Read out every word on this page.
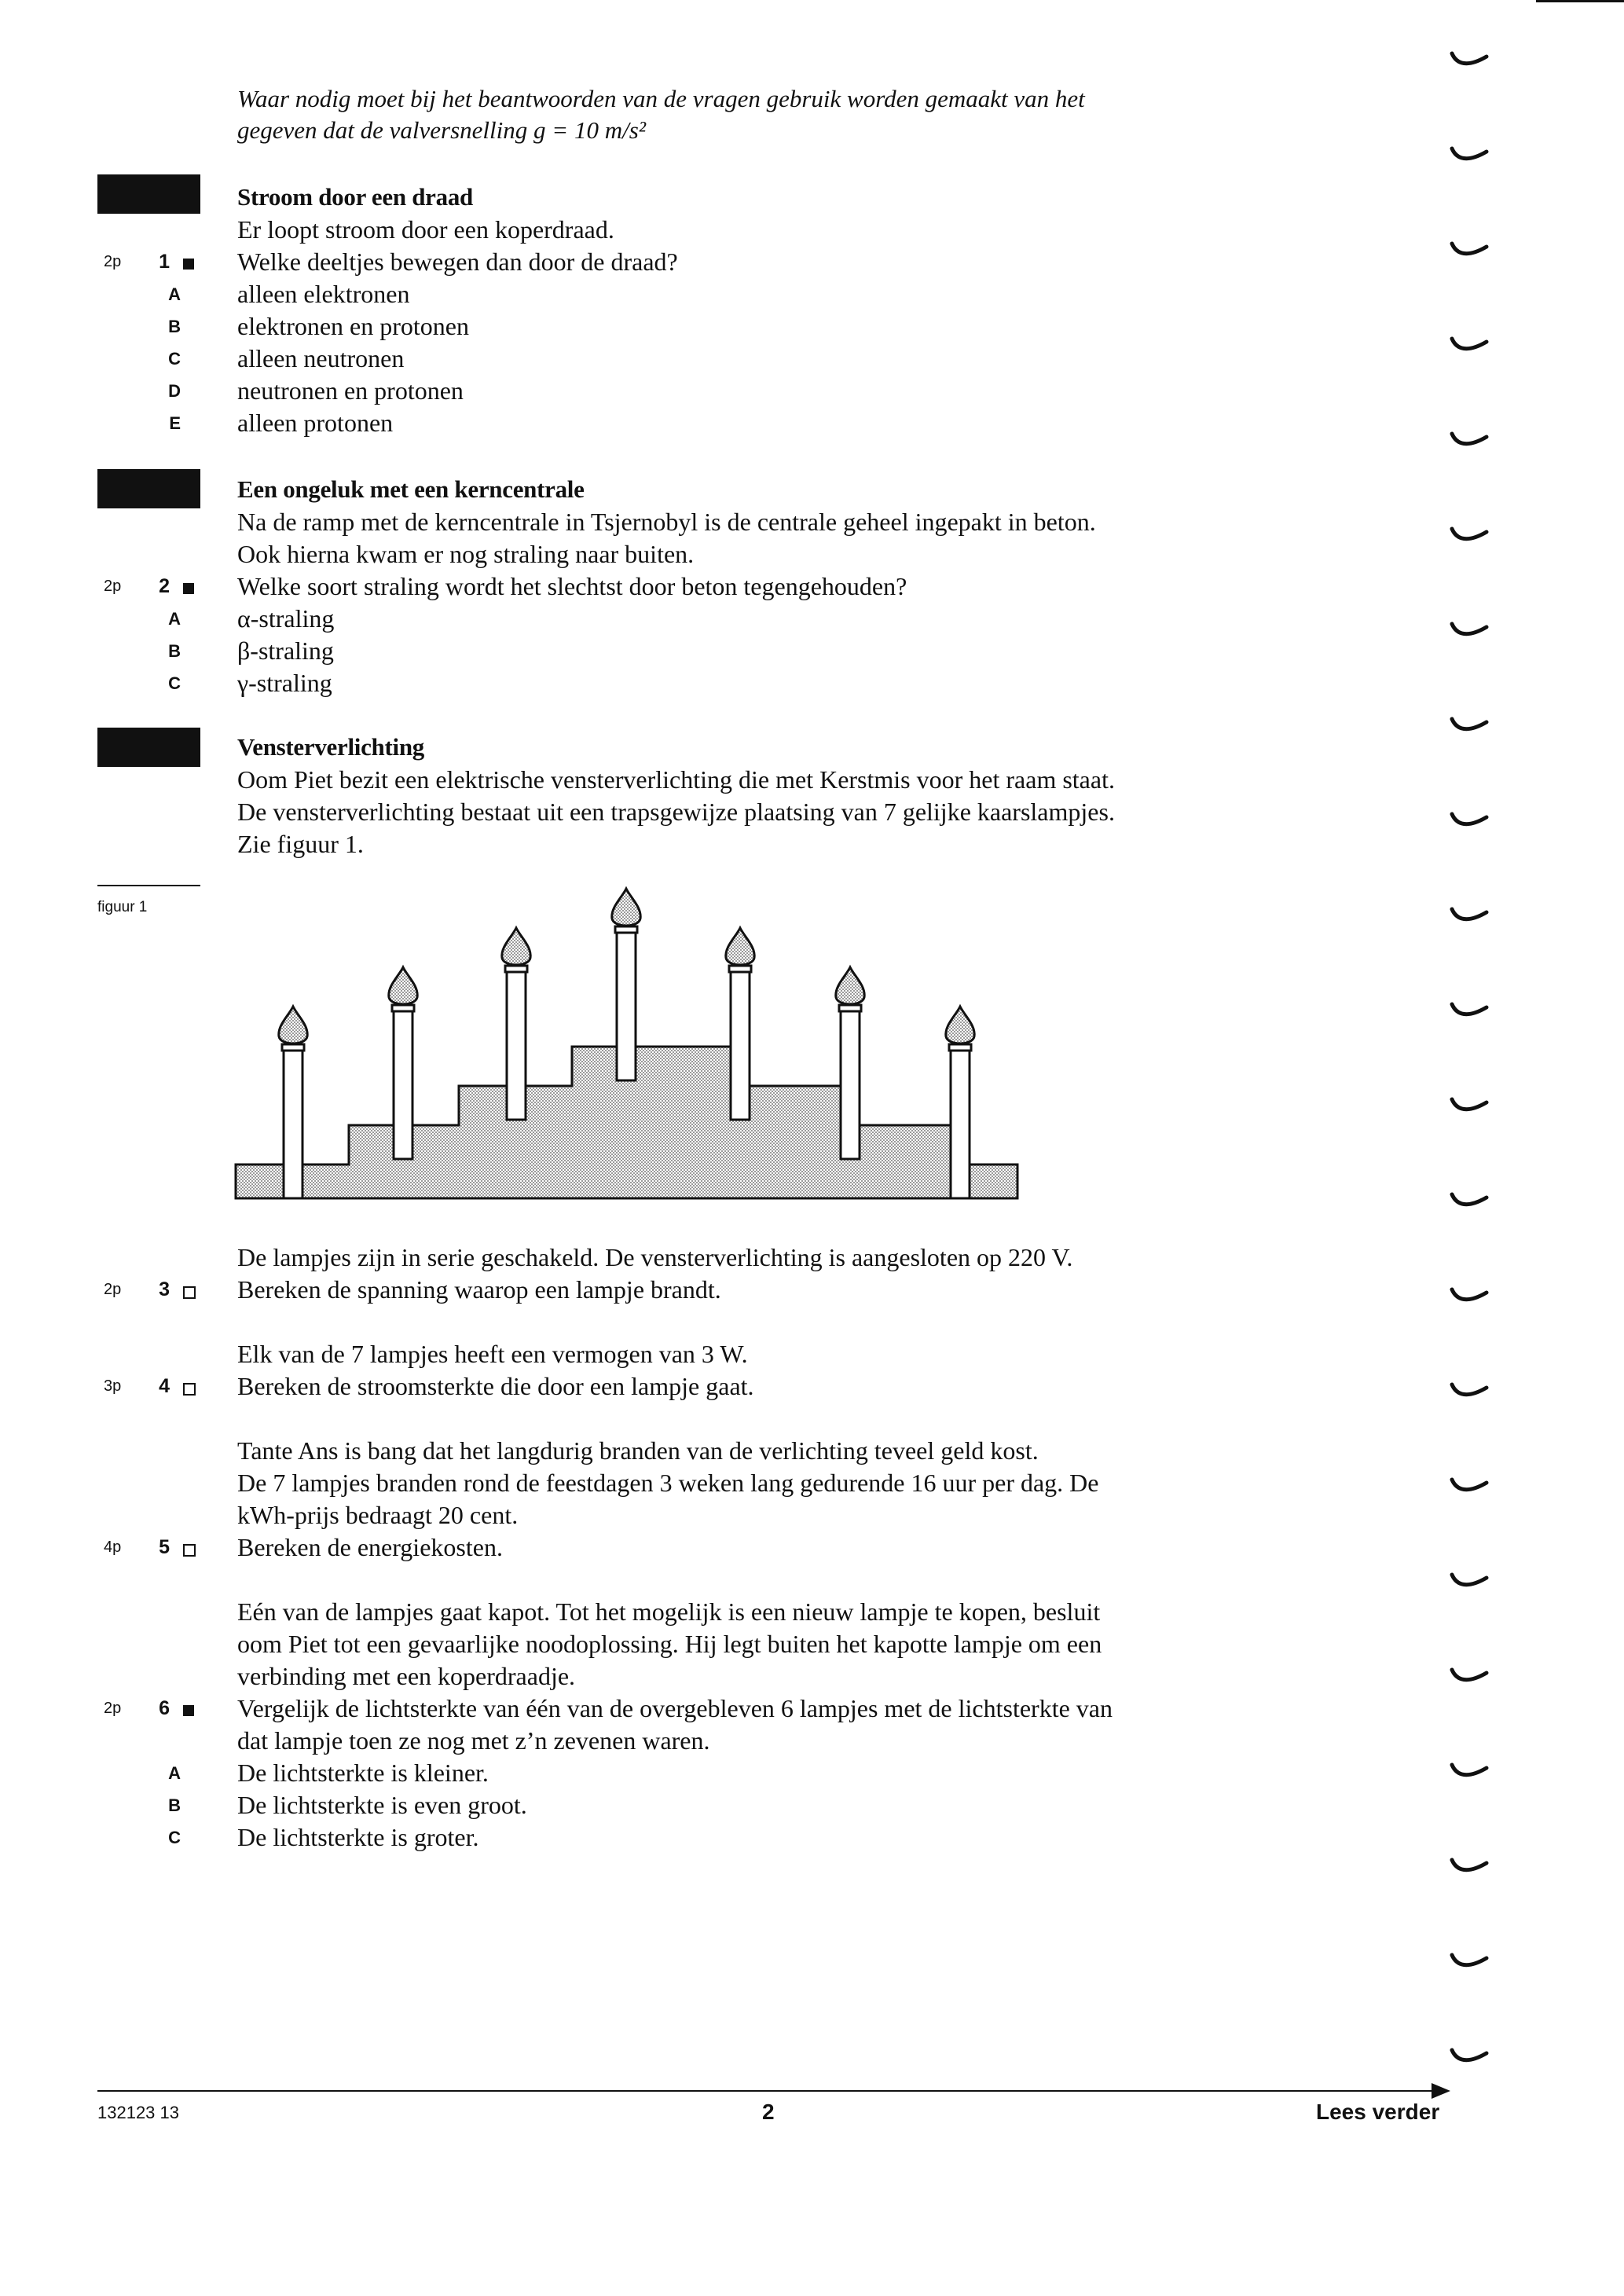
Waar nodig moet bij het beantwoorden van de vragen gebruik worden gemaakt van het
gegeven dat de valversnelling g = 10 m/s²
Stroom door een draad
Er loopt stroom door een koperdraad.
2p	1	Welke deeltjes bewegen dan door de draad?
A alleen elektronen
B elektronen en protonen
C alleen neutronen
D neutronen en protonen
E alleen protonen
Een ongeluk met een kerncentrale
Na de ramp met de kerncentrale in Tsjernobyl is de centrale geheel ingepakt in beton.
Ook hierna kwam er nog straling naar buiten.
2p	2	Welke soort straling wordt het slechtst door beton tegengehouden?
A α-straling
B β-straling
C γ-straling
Vensterverlichting
Oom Piet bezit een elektrische vensterverlichting die met Kerstmis voor het raam staat.
De vensterverlichting bestaat uit een trapsgewijze plaatsing van 7 gelijke kaarslampjes.
Zie figuur 1.
figuur 1
De lampjes zijn in serie geschakeld. De vensterverlichting is aangesloten op 220 V.
2p	3	Bereken de spanning waarop een lampje brandt.
Elk van de 7 lampjes heeft een vermogen van 3 W.
3p	4	Bereken de stroomsterkte die door een lampje gaat.
Tante Ans is bang dat het langdurig branden van de verlichting teveel geld kost.
De 7 lampjes branden rond de feestdagen 3 weken lang gedurende 16 uur per dag. De
kWh-prijs bedraagt 20 cent.
4p	5	Bereken de energiekosten.
Eén van de lampjes gaat kapot. Tot het mogelijk is een nieuw lampje te kopen, besluit
oom Piet tot een gevaarlijke noodoplossing. Hij legt buiten het kapotte lampje om een
verbinding met een koperdraadje.
2p	6	Vergelijk de lichtsterkte van één van de overgebleven 6 lampjes met de lichtsterkte van
dat lampje toen ze nog met z’n zevenen waren.
A De lichtsterkte is kleiner.
B De lichtsterkte is even groot.
C De lichtsterkte is groter.
132123 13	2	Lees verder
